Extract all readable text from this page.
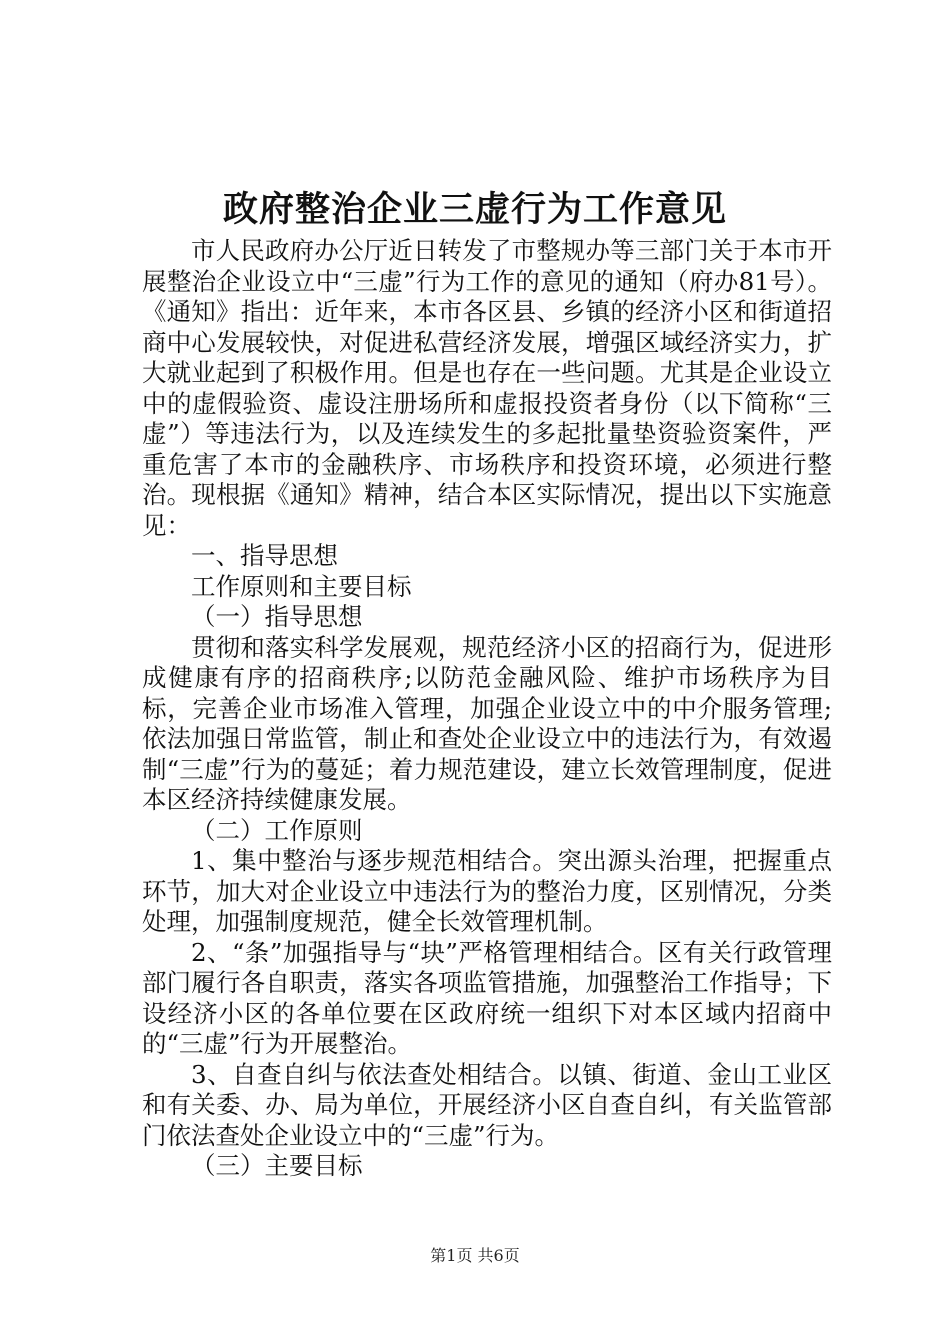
政府整治企业三虚行为工作意见

市人民政府办公厅近日转发了市整规办等三部门关于本市开展整治企业设立中“三虚”行为工作的意见的通知（府办81号）。《通知》指出：近年来，本市各区县、乡镇的经济小区和街道招商中心发展较快，对促进私营经济发展，增强区域经济实力，扩大就业起到了积极作用。但是也存在一些问题。尤其是企业设立中的虚假验资、虚设注册场所和虚报投资者身份（以下简称“三虚”）等违法行为，以及连续发生的多起批量垫资验资案件，严重危害了本市的金融秩序、市场秩序和投资环境，必须进行整治。现根据《通知》精神，结合本区实际情况，提出以下实施意见：

一、指导思想

工作原则和主要目标

（一）指导思想

贯彻和落实科学发展观，规范经济小区的招商行为，促进形成健康有序的招商秩序;以防范金融风险、维护市场秩序为目标，完善企业市场准入管理，加强企业设立中的中介服务管理;依法加强日常监管，制止和查处企业设立中的违法行为，有效遏制“三虚”行为的蔓延；着力规范建设，建立长效管理制度，促进本区经济持续健康发展。

（二）工作原则

1、集中整治与逐步规范相结合。突出源头治理，把握重点环节，加大对企业设立中违法行为的整治力度，区别情况，分类处理，加强制度规范，健全长效管理机制。

2、“条”加强指导与“块”严格管理相结合。区有关行政管理部门履行各自职责，落实各项监管措施，加强整治工作指导；下设经济小区的各单位要在区政府统一组织下对本区域内招商中的“三虚”行为开展整治。

3、自查自纠与依法查处相结合。以镇、街道、金山工业区和有关委、办、局为单位，开展经济小区自查自纠，有关监管部门依法查处企业设立中的“三虚”行为。

（三）主要目标

第1页 共6页
